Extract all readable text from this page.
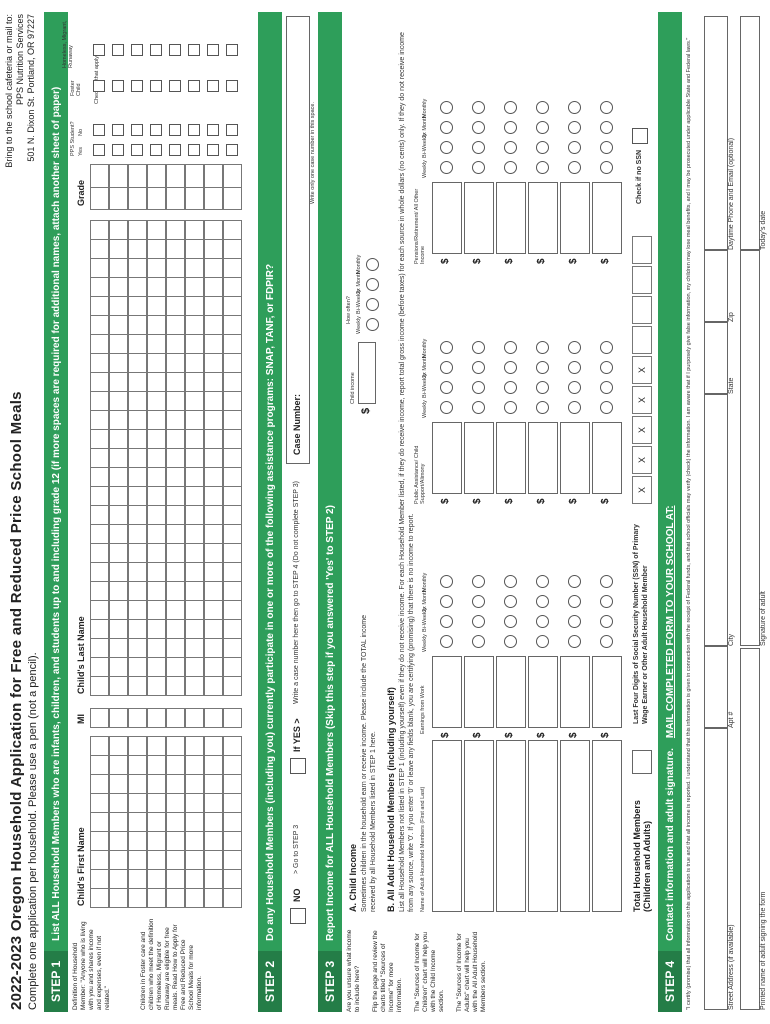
2022-2023 Oregon Household Application for Free and Reduced Price School Meals Complete one application per household. Please use a pen (not a pencil).
Bring to the school cafeteria or mail to: PPS Nutrition Services 501 N. Dixon St. Portland, OR 97227
STEP 1
List ALL Household Members who are infants, children, and students up to and including grade 12 (if more spaces are required for additional names, attach another sheet of paper)
Definition of Household Member: "Anyone who is living with you and shares income and expenses, even if not related."	Children in Foster care and children who meet the definition of Homeless, Migrant or Runaway are eligible for free meals. Read How to Apply for Free and Reduced Price School Meals for more information.
Child's First Name
MI
Child's Last Name
Grade
PPS Student? Yes
No
Foster Child
Homeless, Migrant, Runaway
STEP 2
Do any Household Members (including you) currently participate in one or more of the following assistance programs: SNAP, TANF, or FDPIR? NO
> Go to STEP 3
If YES >
Write a case number here then go to STEP 4 (Do not complete STEP 3)
Case Number:
Write only one case number in this space.
STEP 3
Report Income for ALL Household Members (Skip this step if you answered 'Yes' to STEP 2)
Are you unsure what income to include here? Flip the page and review the charts titled "Sources of Income" for more information. The "Sources of Income for Children" chart will help you with the Child Income section. The "Sources of Income for Adults" chart will help you with the All Adult Household Members section.
A. Child Income Sometimes children in the household earn or receive income. Please include the TOTAL income received by all Household Members listed in STEP 1 here.
Child income
$
How often?
B. All Adult Household Members (including yourself) List all Household Members not listed in STEP 1 (including yourself) even if they do not receive income. For each Household Member listed, if they do receive income, report total gross income (before taxes) for each source in whole dollars (no cents) only. If they do not receive income from any source, write '0'. If you enter '0' or leave any fields blank, you are certifying (promising) that there is no income to report. Name of Adult Household Members (First and Last)
Earnings from Work
Public Assistance/ Child Support/Alimony
Pensions/Retirement/ All Other Income
Total Household Members (Children and Adults)
Last Four Digits of Social Security Number (SSN) of Primary Wage Earner or Other Adult Household Member
Check if no SSN
STEP 4
Contact information and adult signature.
MAIL COMPLETED FORM TO YOUR SCHOOL AT: "I certify (promise) that all information on this application is true and that all income is reported. I understand that this information is given in connection with the receipt of Federal funds, and that school officials may verify (check) the information. I am aware that if I purposely give false information, my children may lose meal benefits, and I may be prosecuted under applicable State and Federal laws."	Street Address (if available)
Apt #
City
State
Zip
Daytime Phone and Email (optional)
Printed name of adult signing the form
Signature of adult
Today's date
Weekly
Bi-Weekly
2x Month
Monthly
$
Weekly
Bi-Weekly
2x Month
Monthly
$
Weekly
Bi-Weekly
2x Month
Monthly
$
Weekly
Bi-Weekly
2x Month
Monthly
$
$
$
$
$
$
$
$
$
$
$
$
$
$
$
X
X
X
X
X
